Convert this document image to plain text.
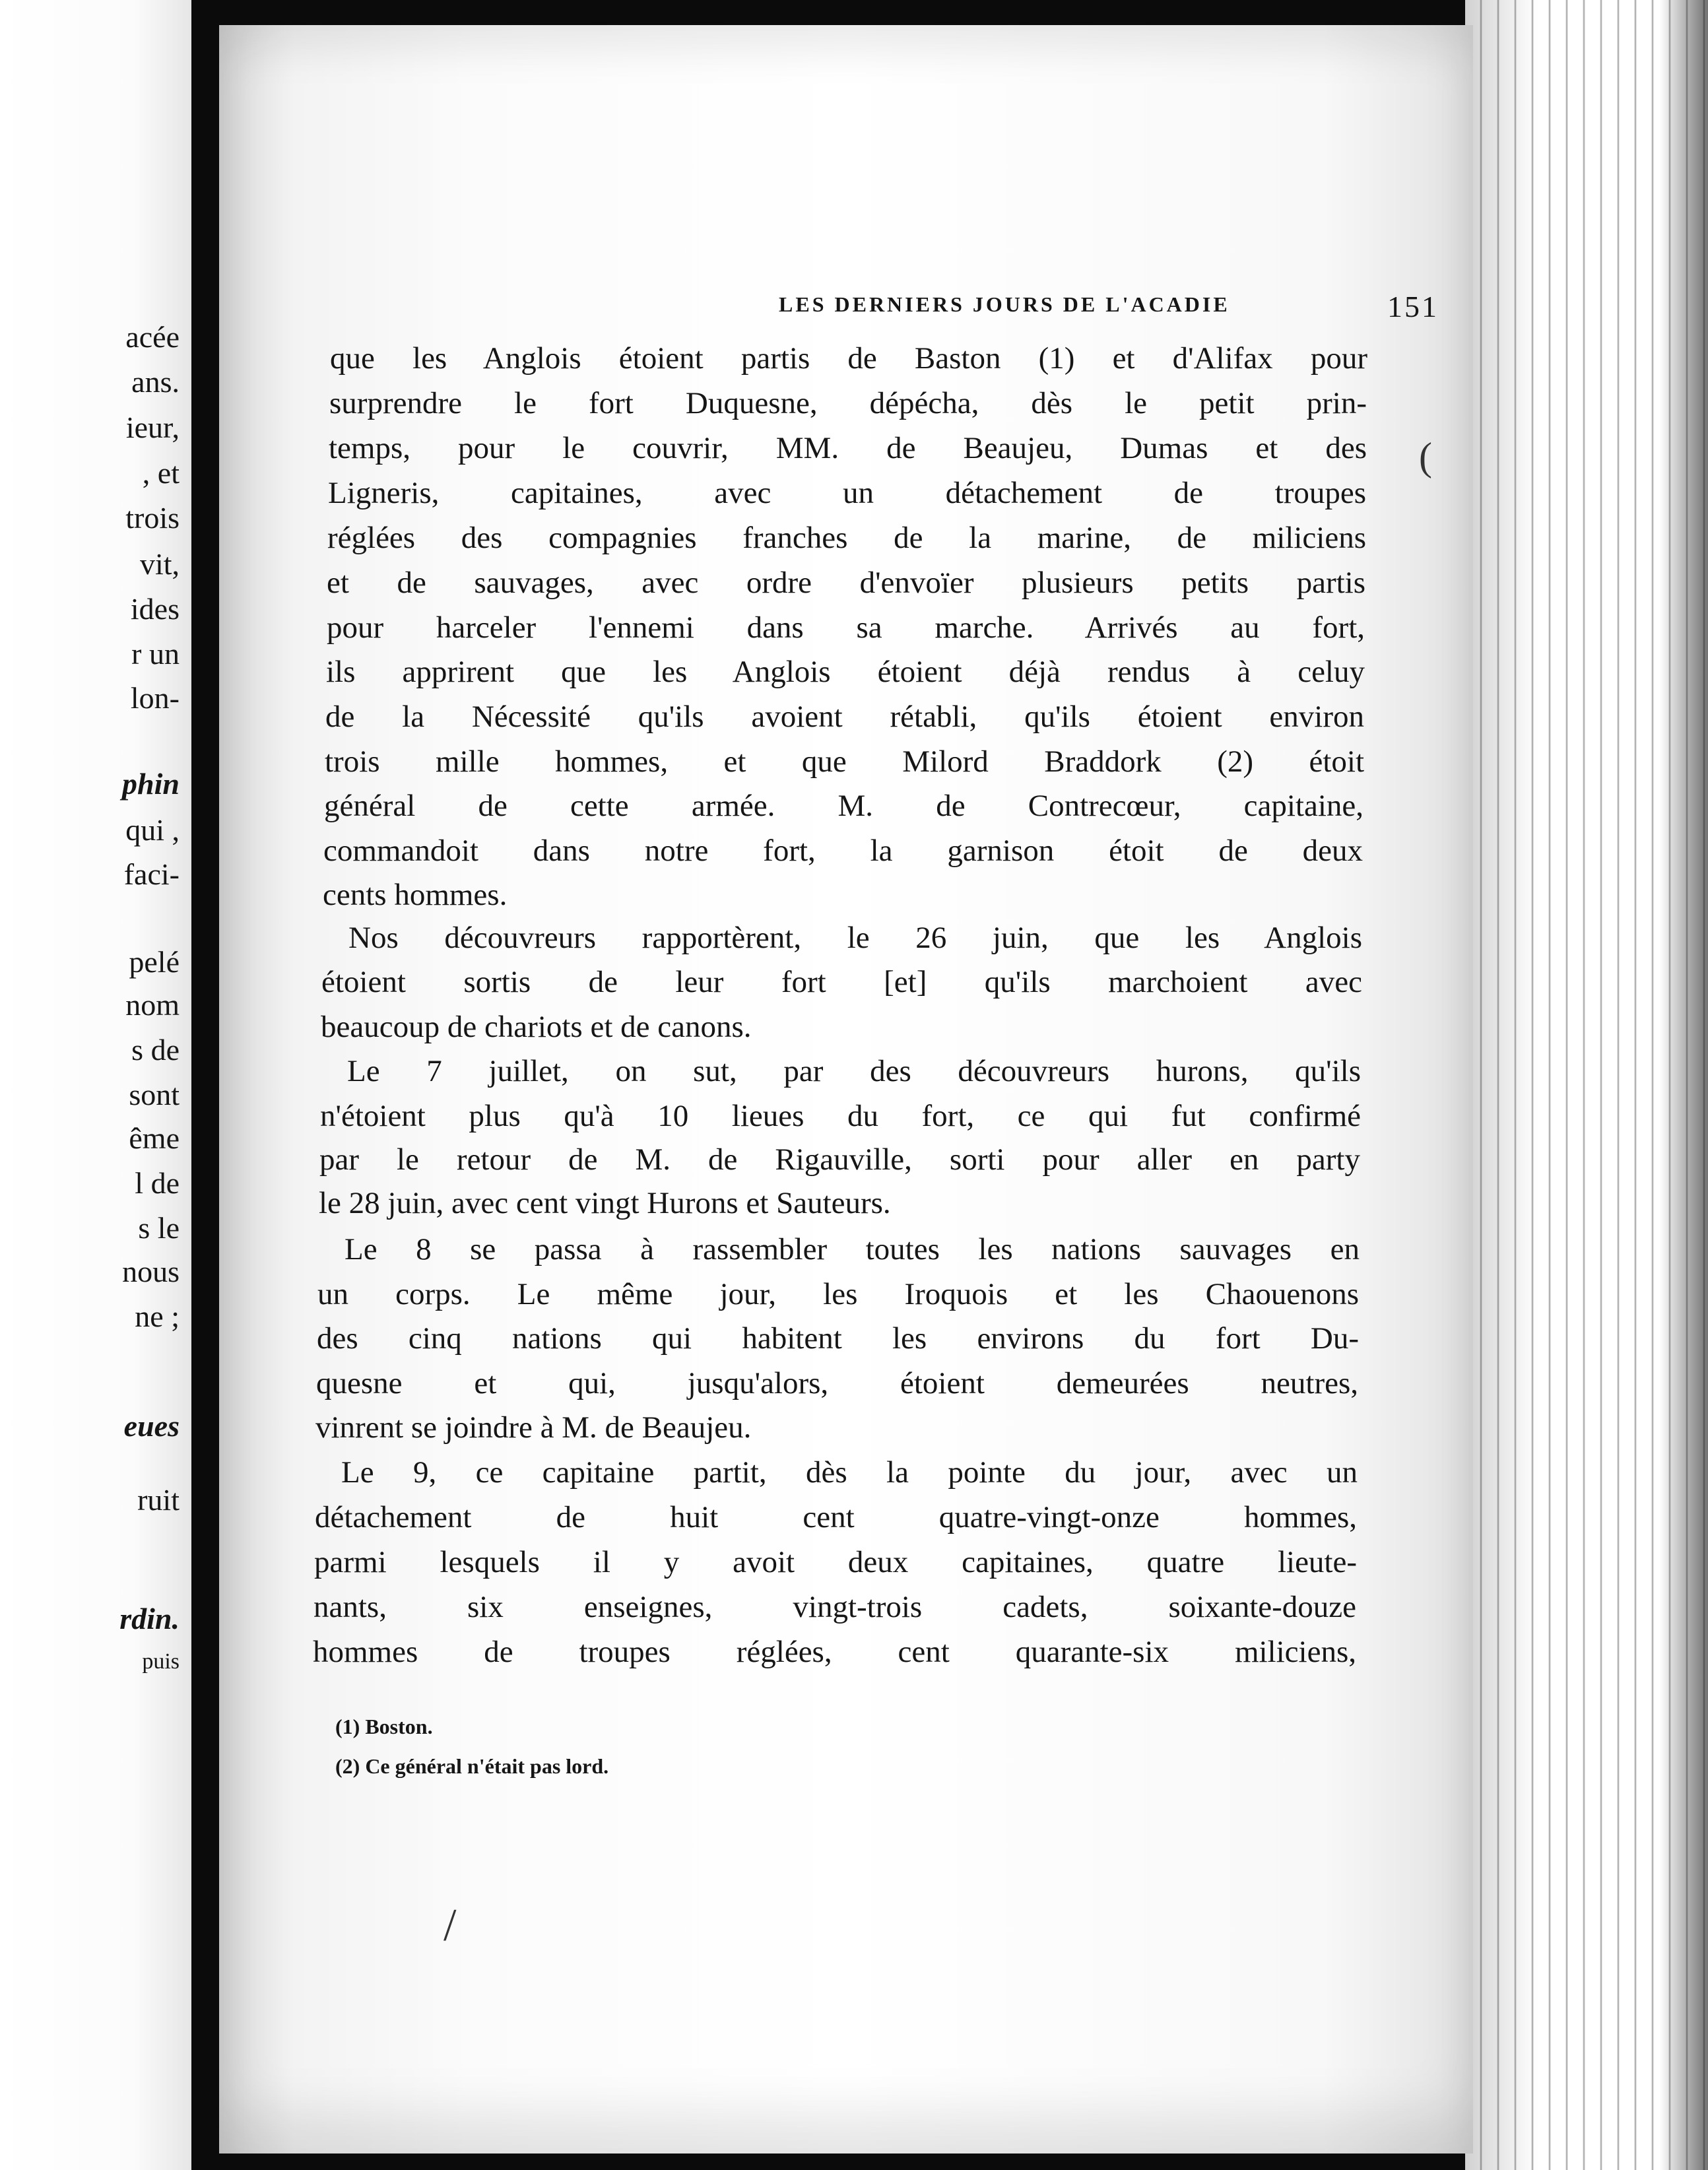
acée
ans.
ieur,
, et
trois
vit,
ides
r un
lon-
phin
qui ,
faci-
pelé
nom
s de
sont
ême
l de
s le
nous
ne ;
eues
ruit
rdin.
puis
LES DERNIERS JOURS DE L'ACADIE	151
que les Anglois étoient partis de Baston (1) et d'Alifax pour
surprendre le fort Duquesne, dépécha, dès le petit prin-
temps, pour le couvrir, MM. de Beaujeu, Dumas et des
Ligneris, capitaines, avec un détachement de troupes
réglées des compagnies franches de la marine, de miliciens
et de sauvages, avec ordre d'envoïer plusieurs petits partis
pour harceler l'ennemi dans sa marche. Arrivés au fort,
ils apprirent que les Anglois étoient déjà rendus à celuy
de la Nécessité qu'ils avoient rétabli, qu'ils étoient environ
trois mille hommes, et que Milord Braddork (2) étoit
général de cette armée. M. de Contrecœur, capitaine,
commandoit dans notre fort, la garnison étoit de deux
cents hommes.
Nos découvreurs rapportèrent, le 26 juin, que les Anglois
étoient sortis de leur fort [et] qu'ils marchoient avec
beaucoup de chariots et de canons.
Le 7 juillet, on sut, par des découvreurs hurons, qu'ils
n'étoient plus qu'à 10 lieues du fort, ce qui fut confirmé
par le retour de M. de Rigauville, sorti pour aller en party
le 28 juin, avec cent vingt Hurons et Sauteurs.
Le 8 se passa à rassembler toutes les nations sauvages en
un corps. Le même jour, les Iroquois et les Chaouenons
des cinq nations qui habitent les environs du fort Du-
quesne et qui, jusqu'alors, étoient demeurées neutres,
vinrent se joindre à M. de Beaujeu.
Le 9, ce capitaine partit, dès la pointe du jour, avec un
détachement de huit cent quatre-vingt-onze hommes,
parmi lesquels il y avoit deux capitaines, quatre lieute-
nants, six enseignes, vingt-trois cadets, soixante-douze
hommes de troupes réglées, cent quarante-six miliciens,
(1) Boston.
(2) Ce général n'était pas lord.
(
/
